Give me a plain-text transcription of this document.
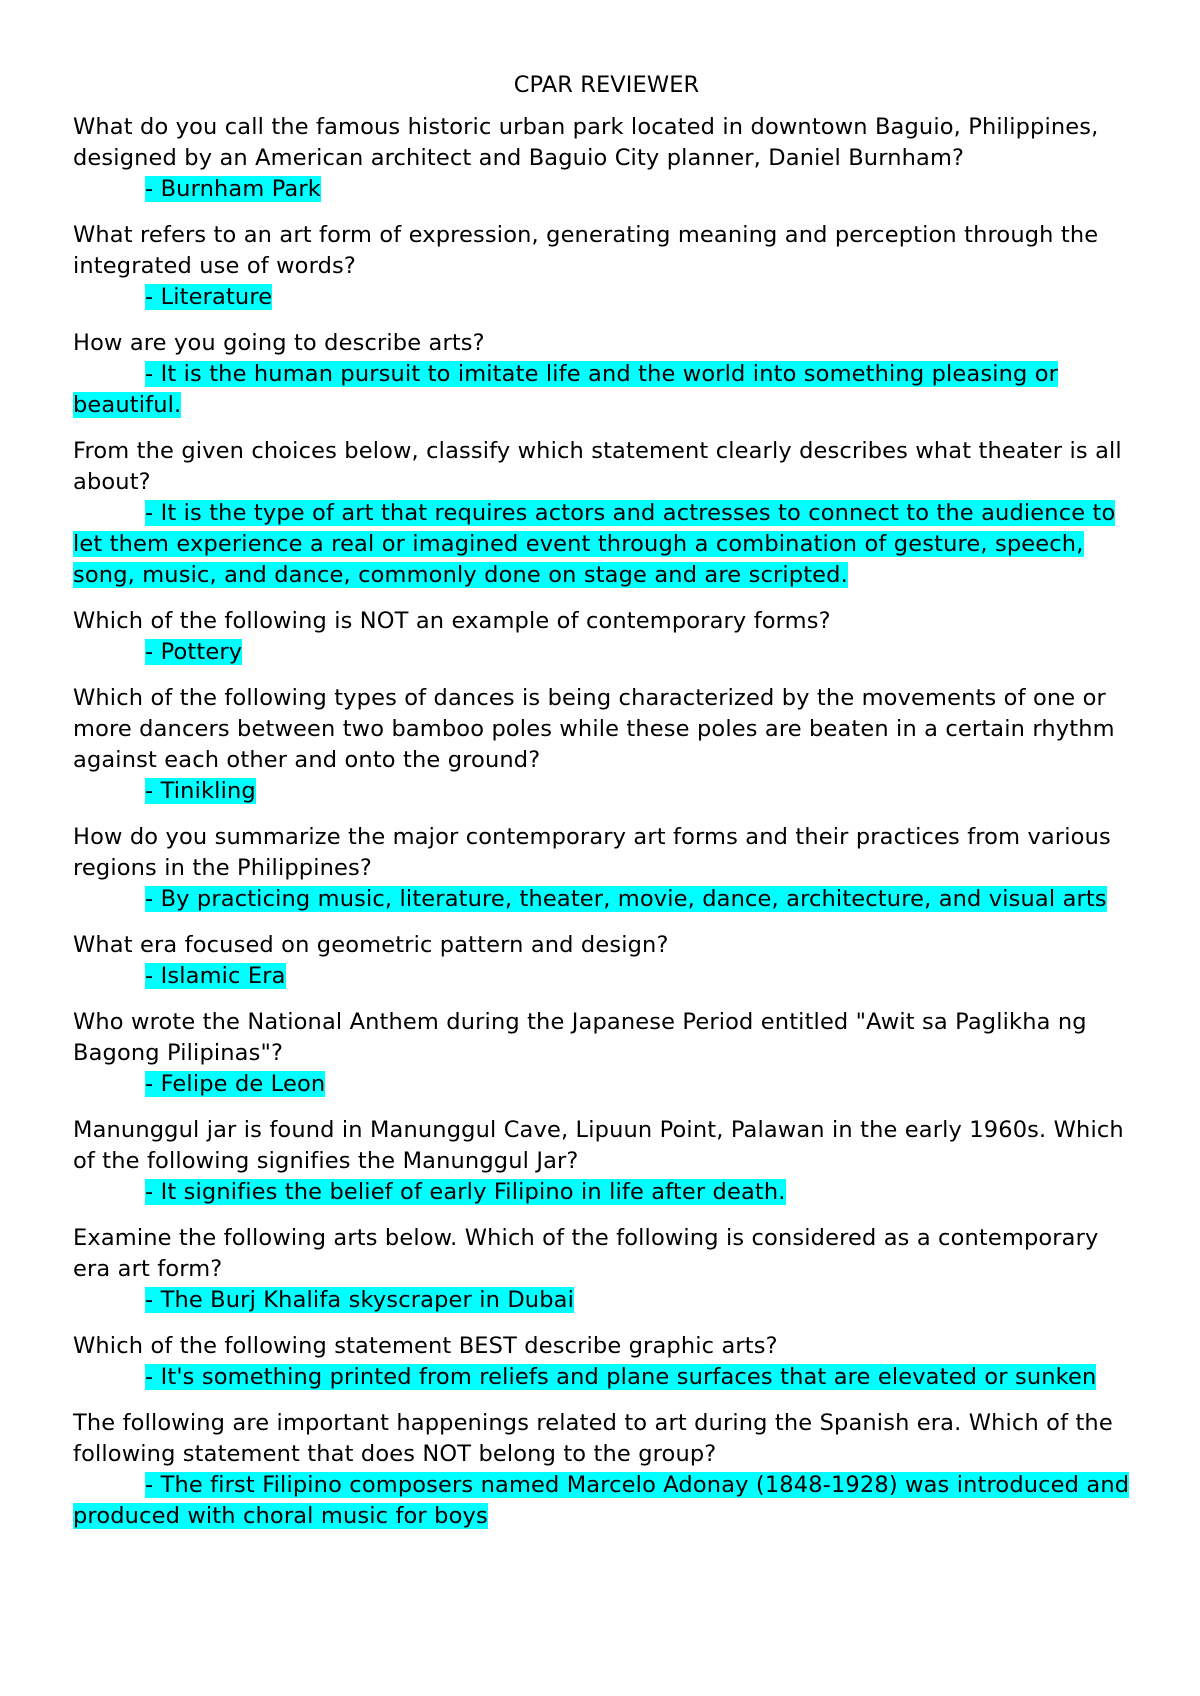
CPAR REVIEWER

What do you call the famous historic urban park located in downtown Baguio, Philippines, designed by an American architect and Baguio City planner, Daniel Burnham?

- Burnham Park

What refers to an art form of expression, generating meaning and perception through the integrated use of words?

- Literature

How are you going to describe arts?

- It is the human pursuit to imitate life and the world into something pleasing or beautiful.

From the given choices below, classify which statement clearly describes what theater is all about?

- It is the type of art that requires actors and actresses to connect to the audience to let them experience a real or imagined event through a combination of gesture, speech, song, music, and dance, commonly done on stage and are scripted.

Which of the following is NOT an example of contemporary forms?

- Pottery

Which of the following types of dances is being characterized by the movements of one or more dancers between two bamboo poles while these poles are beaten in a certain rhythm against each other and onto the ground?

- Tinikling

How do you summarize the major contemporary art forms and their practices from various regions in the Philippines?

- By practicing music, literature, theater, movie, dance, architecture, and visual arts

What era focused on geometric pattern and design?

- Islamic Era

Who wrote the National Anthem during the Japanese Period entitled "Awit sa Paglikha ng Bagong Pilipinas"?

- Felipe de Leon

Manunggul jar is found in Manunggul Cave, Lipuun Point, Palawan in the early 1960s. Which of the following signifies the Manunggul Jar?

- It signifies the belief of early Filipino in life after death.

Examine the following arts below. Which of the following is considered as a contemporary era art form?

- The Burj Khalifa skyscraper in Dubai

Which of the following statement BEST describe graphic arts?

- It's something printed from reliefs and plane surfaces that are elevated or sunken

The following are important happenings related to art during the Spanish era. Which of the following statement that does NOT belong to the group?

- The first Filipino composers named Marcelo Adonay (1848-1928) was introduced and produced with choral music for boys
